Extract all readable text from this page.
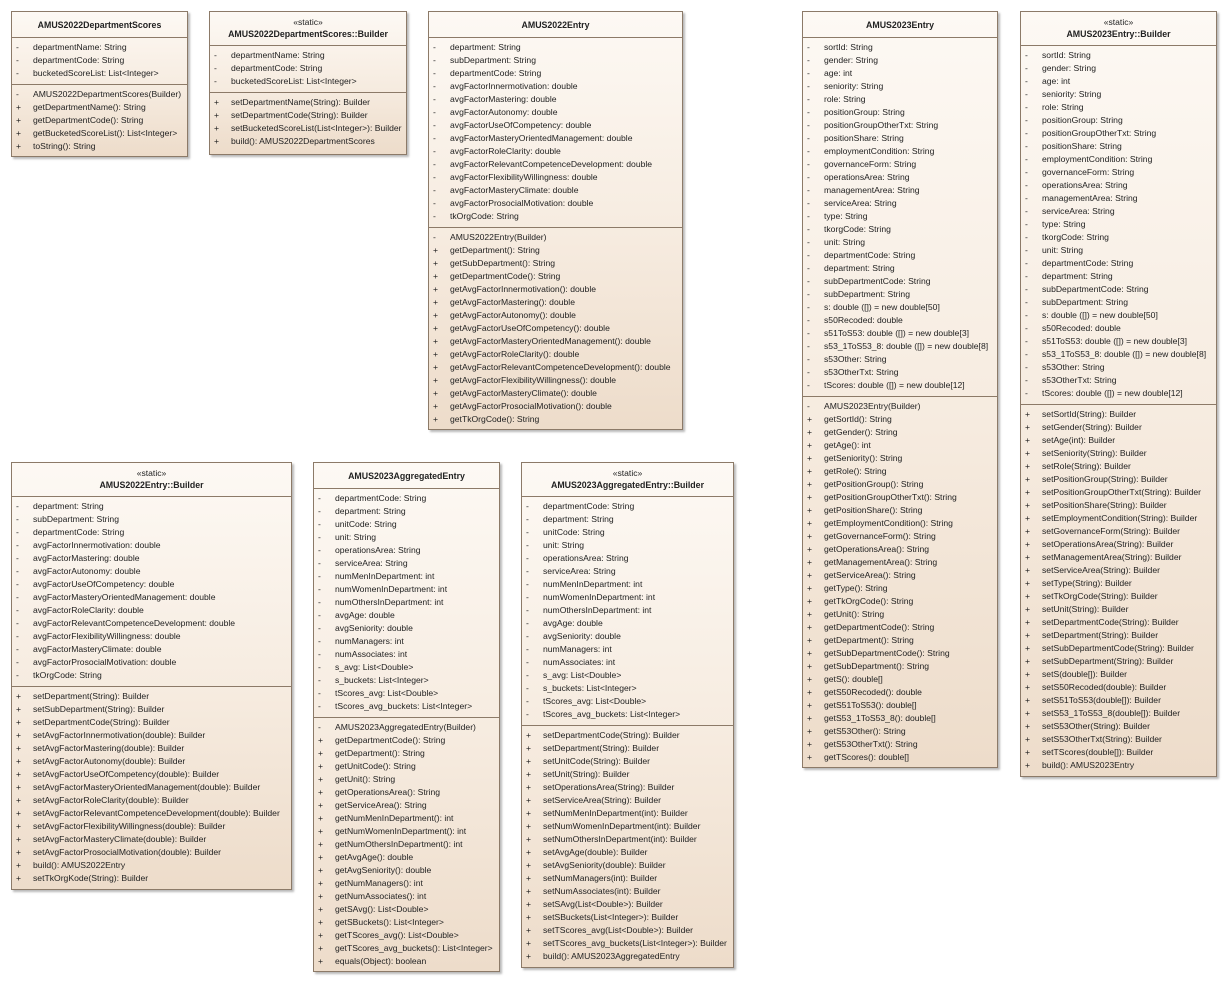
AMUS2022DepartmentScores
-	departmentName: String
-	departmentCode: String
-	bucketedScoreList: List<Integer>
-	AMUS2022DepartmentScores(Builder)
+	getDepartmentName(): String
+	getDepartmentCode(): String
+	getBucketedScoreList(): List<Integer>
+	toString(): String
«static»
AMUS2022DepartmentScores::Builder
-	departmentName: String
-	departmentCode: String
-	bucketedScoreList: List<Integer>
+	setDepartmentName(String): Builder
+	setDepartmentCode(String): Builder
+	setBucketedScoreList(List<Integer>): Builder
+	build(): AMUS2022DepartmentScores
AMUS2022Entry
-	department: String
-	subDepartment: String
-	departmentCode: String
-	avgFactorInnermotivation: double
-	avgFactorMastering: double
-	avgFactorAutonomy: double
-	avgFactorUseOfCompetency: double
-	avgFactorMasteryOrientedManagement: double
-	avgFactorRoleClarity: double
-	avgFactorRelevantCompetenceDevelopment: double
-	avgFactorFlexibilityWillingness: double
-	avgFactorMasteryClimate: double
-	avgFactorProsocialMotivation: double
-	tkOrgCode: String
-	AMUS2022Entry(Builder)
+	getDepartment(): String
+	getSubDepartment(): String
+	getDepartmentCode(): String
+	getAvgFactorInnermotivation(): double
+	getAvgFactorMastering(): double
+	getAvgFactorAutonomy(): double
+	getAvgFactorUseOfCompetency(): double
+	getAvgFactorMasteryOrientedManagement(): double
+	getAvgFactorRoleClarity(): double
+	getAvgFactorRelevantCompetenceDevelopment(): double
+	getAvgFactorFlexibilityWillingness(): double
+	getAvgFactorMasteryClimate(): double
+	getAvgFactorProsocialMotivation(): double
+	getTkOrgCode(): String
AMUS2023Entry
-	sortId: String
-	gender: String
-	age: int
-	seniority: String
-	role: String
-	positionGroup: String
-	positionGroupOtherTxt: String
-	positionShare: String
-	employmentCondition: String
-	governanceForm: String
-	operationsArea: String
-	managementArea: String
-	serviceArea: String
-	type: String
-	tkorgCode: String
-	unit: String
-	departmentCode: String
-	department: String
-	subDepartmentCode: String
-	subDepartment: String
-	s: double ([]) = new double[50]
-	s50Recoded: double
-	s51ToS53: double ([]) = new double[3]
-	s53_1ToS53_8: double ([]) = new double[8]
-	s53Other: String
-	s53OtherTxt: String
-	tScores: double ([]) = new double[12]
-	AMUS2023Entry(Builder)
+	getSortId(): String
+	getGender(): String
+	getAge(): int
+	getSeniority(): String
+	getRole(): String
+	getPositionGroup(): String
+	getPositionGroupOtherTxt(): String
+	getPositionShare(): String
+	getEmploymentCondition(): String
+	getGovernanceForm(): String
+	getOperationsArea(): String
+	getManagementArea(): String
+	getServiceArea(): String
+	getType(): String
+	getTkOrgCode(): String
+	getUnit(): String
+	getDepartmentCode(): String
+	getDepartment(): String
+	getSubDepartmentCode(): String
+	getSubDepartment(): String
+	getS(): double[]
+	getS50Recoded(): double
+	getS51ToS53(): double[]
+	getS53_1ToS53_8(): double[]
+	getS53Other(): String
+	getS53OtherTxt(): String
+	getTScores(): double[]
«static»
AMUS2023Entry::Builder
-	sortId: String
-	gender: String
-	age: int
-	seniority: String
-	role: String
-	positionGroup: String
-	positionGroupOtherTxt: String
-	positionShare: String
-	employmentCondition: String
-	governanceForm: String
-	operationsArea: String
-	managementArea: String
-	serviceArea: String
-	type: String
-	tkorgCode: String
-	unit: String
-	departmentCode: String
-	department: String
-	subDepartmentCode: String
-	subDepartment: String
-	s: double ([]) = new double[50]
-	s50Recoded: double
-	s51ToS53: double ([]) = new double[3]
-	s53_1ToS53_8: double ([]) = new double[8]
-	s53Other: String
-	s53OtherTxt: String
-	tScores: double ([]) = new double[12]
+	setSortId(String): Builder
+	setGender(String): Builder
+	setAge(int): Builder
+	setSeniority(String): Builder
+	setRole(String): Builder
+	setPositionGroup(String): Builder
+	setPositionGroupOtherTxt(String): Builder
+	setPositionShare(String): Builder
+	setEmploymentCondition(String): Builder
+	setGovernanceForm(String): Builder
+	setOperationsArea(String): Builder
+	setManagementArea(String): Builder
+	setServiceArea(String): Builder
+	setType(String): Builder
+	setTkOrgCode(String): Builder
+	setUnit(String): Builder
+	setDepartmentCode(String): Builder
+	setDepartment(String): Builder
+	setSubDepartmentCode(String): Builder
+	setSubDepartment(String): Builder
+	setS(double[]): Builder
+	setS50Recoded(double): Builder
+	setS51ToS53(double[]): Builder
+	setS53_1ToS53_8(double[]): Builder
+	setS53Other(String): Builder
+	setS53OtherTxt(String): Builder
+	setTScores(double[]): Builder
+	build(): AMUS2023Entry
«static»
AMUS2022Entry::Builder
-	department: String
-	subDepartment: String
-	departmentCode: String
-	avgFactorInnermotivation: double
-	avgFactorMastering: double
-	avgFactorAutonomy: double
-	avgFactorUseOfCompetency: double
-	avgFactorMasteryOrientedManagement: double
-	avgFactorRoleClarity: double
-	avgFactorRelevantCompetenceDevelopment: double
-	avgFactorFlexibilityWillingness: double
-	avgFactorMasteryClimate: double
-	avgFactorProsocialMotivation: double
-	tkOrgCode: String
+	setDepartment(String): Builder
+	setSubDepartment(String): Builder
+	setDepartmentCode(String): Builder
+	setAvgFactorInnermotivation(double): Builder
+	setAvgFactorMastering(double): Builder
+	setAvgFactorAutonomy(double): Builder
+	setAvgFactorUseOfCompetency(double): Builder
+	setAvgFactorMasteryOrientedManagement(double): Builder
+	setAvgFactorRoleClarity(double): Builder
+	setAvgFactorRelevantCompetenceDevelopment(double): Builder
+	setAvgFactorFlexibilityWillingness(double): Builder
+	setAvgFactorMasteryClimate(double): Builder
+	setAvgFactorProsocialMotivation(double): Builder
+	build(): AMUS2022Entry
+	setTkOrgKode(String): Builder
AMUS2023AggregatedEntry
-	departmentCode: String
-	department: String
-	unitCode: String
-	unit: String
-	operationsArea: String
-	serviceArea: String
-	numMenInDepartment: int
-	numWomenInDepartment: int
-	numOthersInDepartment: int
-	avgAge: double
-	avgSeniority: double
-	numManagers: int
-	numAssociates: int
-	s_avg: List<Double>
-	s_buckets: List<Integer>
-	tScores_avg: List<Double>
-	tScores_avg_buckets: List<Integer>
-	AMUS2023AggregatedEntry(Builder)
+	getDepartmentCode(): String
+	getDepartment(): String
+	getUnitCode(): String
+	getUnit(): String
+	getOperationsArea(): String
+	getServiceArea(): String
+	getNumMenInDepartment(): int
+	getNumWomenInDepartment(): int
+	getNumOthersInDepartment(): int
+	getAvgAge(): double
+	getAvgSeniority(): double
+	getNumManagers(): int
+	getNumAssociates(): int
+	getSAvg(): List<Double>
+	getSBuckets(): List<Integer>
+	getTScores_avg(): List<Double>
+	getTScores_avg_buckets(): List<Integer>
+	equals(Object): boolean
«static»
AMUS2023AggregatedEntry::Builder
-	departmentCode: String
-	department: String
-	unitCode: String
-	unit: String
-	operationsArea: String
-	serviceArea: String
-	numMenInDepartment: int
-	numWomenInDepartment: int
-	numOthersInDepartment: int
-	avgAge: double
-	avgSeniority: double
-	numManagers: int
-	numAssociates: int
-	s_avg: List<Double>
-	s_buckets: List<Integer>
-	tScores_avg: List<Double>
-	tScores_avg_buckets: List<Integer>
+	setDepartmentCode(String): Builder
+	setDepartment(String): Builder
+	setUnitCode(String): Builder
+	setUnit(String): Builder
+	setOperationsArea(String): Builder
+	setServiceArea(String): Builder
+	setNumMenInDepartment(int): Builder
+	setNumWomenInDepartment(int): Builder
+	setNumOthersInDepartment(int): Builder
+	setAvgAge(double): Builder
+	setAvgSeniority(double): Builder
+	setNumManagers(int): Builder
+	setNumAssociates(int): Builder
+	setSAvg(List<Double>): Builder
+	setSBuckets(List<Integer>): Builder
+	setTScores_avg(List<Double>): Builder
+	setTScores_avg_buckets(List<Integer>): Builder
+	build(): AMUS2023AggregatedEntry
